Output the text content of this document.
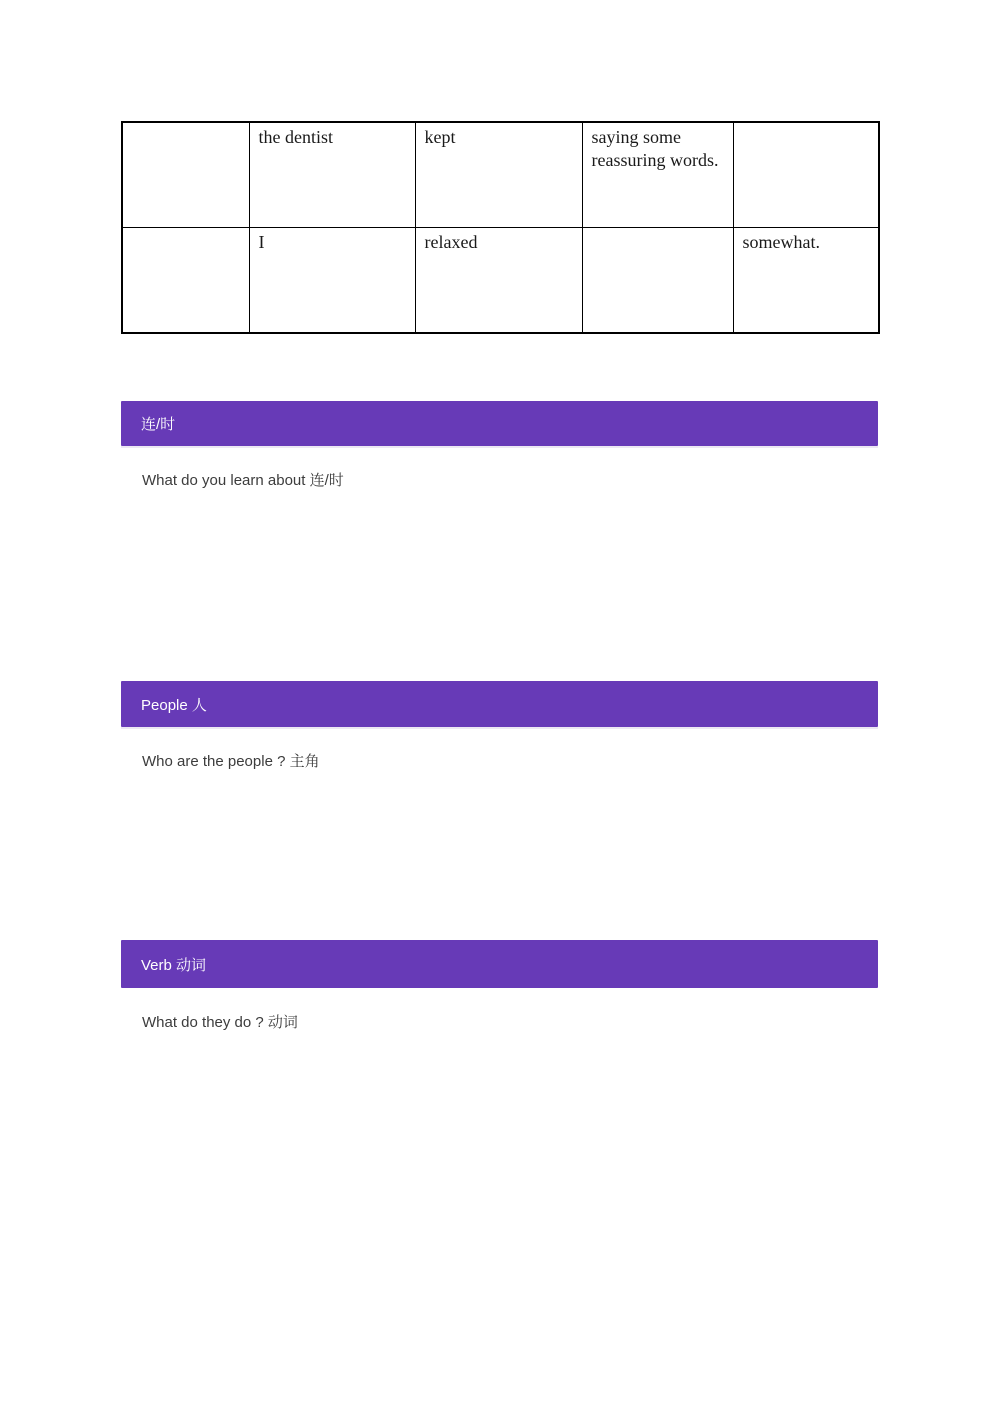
	the dentist	kept	saying some reassuring words.	
	I	relaxed		somewhat.
连/时
What do you learn about 连/时
People 人
Who are the people ? 主角
Verb 动词
What do they do ? 动词
